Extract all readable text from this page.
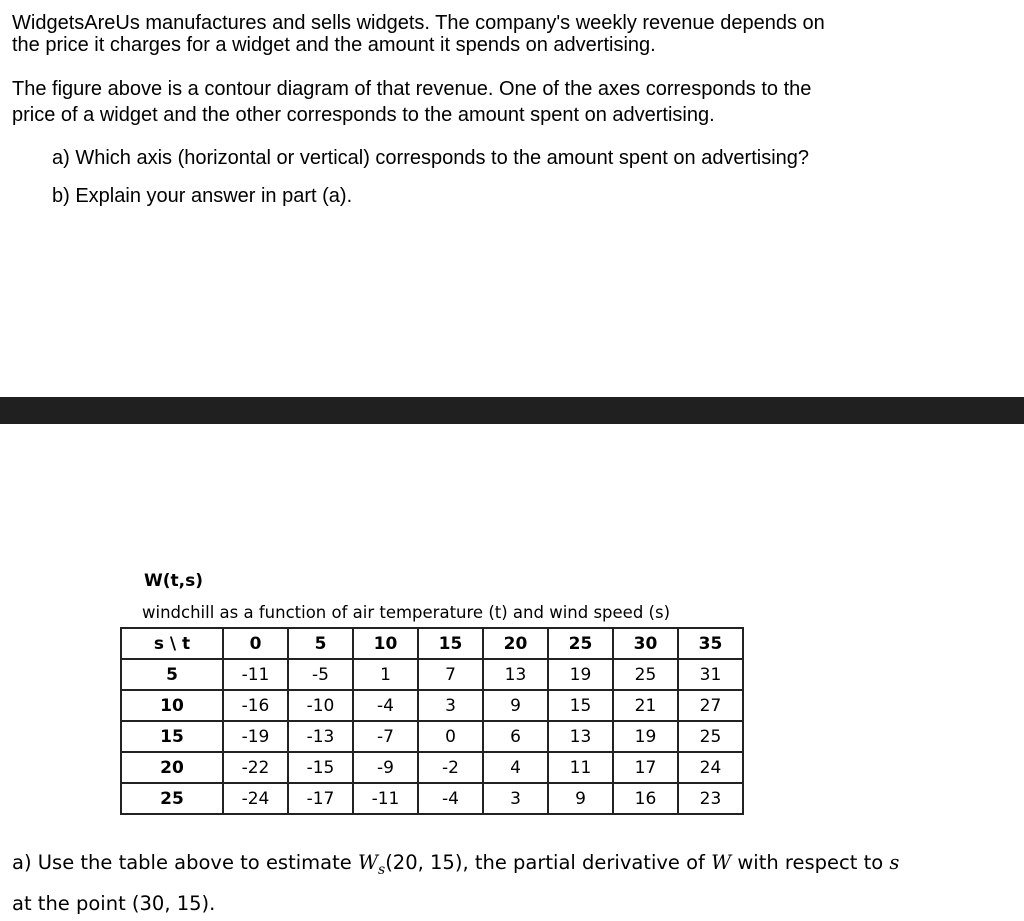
WidgetsAreUs manufactures and sells widgets. The company's weekly revenue depends on
the price it charges for a widget and the amount it spends on advertising.
The figure above is a contour diagram of that revenue. One of the axes corresponds to the
price of a widget and the other corresponds to the amount spent on advertising.
a) Which axis (horizontal or vertical) corresponds to the amount spent on advertising?
b) Explain your answer in part (a).
W(t,s)
windchill as a function of air temperature (t) and wind speed (s)
s \ t	0	5	10	15	20	25	30	35
5	-11	-5	1	7	13	19	25	31
10	-16	-10	-4	3	9	15	21	27
15	-19	-13	-7	0	6	13	19	25
20	-22	-15	-9	-2	4	11	17	24
25	-24	-17	-11	-4	3	9	16	23
a) Use the table above to estimate $W_s(20$, 15), the partial derivative of W with respect to s
at the point (30, 15).
